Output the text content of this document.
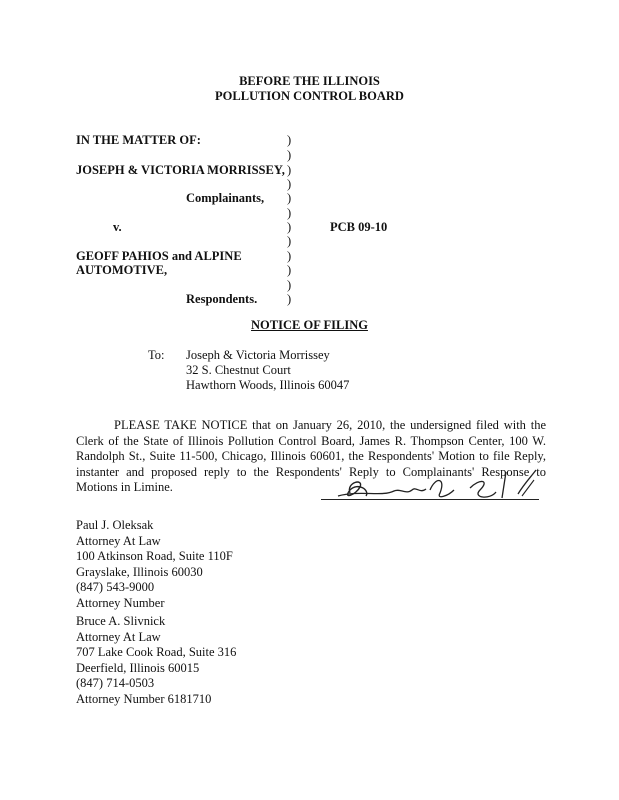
BEFORE THE ILLINOIS
POLLUTION CONTROL BOARD
IN THE MATTER OF:
JOSEPH & VICTORIA MORRISSEY,
Complainants,
v.	PCB 09-10
GEOFF PAHIOS and ALPINE
AUTOMOTIVE,
Respondents.
)
)
)
)
)
)
)
)
)
)
)
)
NOTICE OF FILING
To: Joseph & Victoria Morrissey
32 S. Chestnut Court
Hawthorn Woods, Illinois 60047
PLEASE TAKE NOTICE that on January 26, 2010, the undersigned filed with the Clerk of the State of Illinois Pollution Control Board, James R. Thompson Center, 100 W. Randolph St., Suite 11-500, Chicago, Illinois 60601, the Respondents' Motion to file Reply, instanter and proposed reply to the Respondents' Reply to Complainants' Response to Motions in Limine.
Paul J. Oleksak
Attorney At Law
100 Atkinson Road, Suite 110F
Grayslake, Illinois 60030
(847) 543-9000
Attorney Number
Bruce A. Slivnick
Attorney At Law
707 Lake Cook Road, Suite 316
Deerfield, Illinois 60015
(847) 714-0503
Attorney Number 6181710
